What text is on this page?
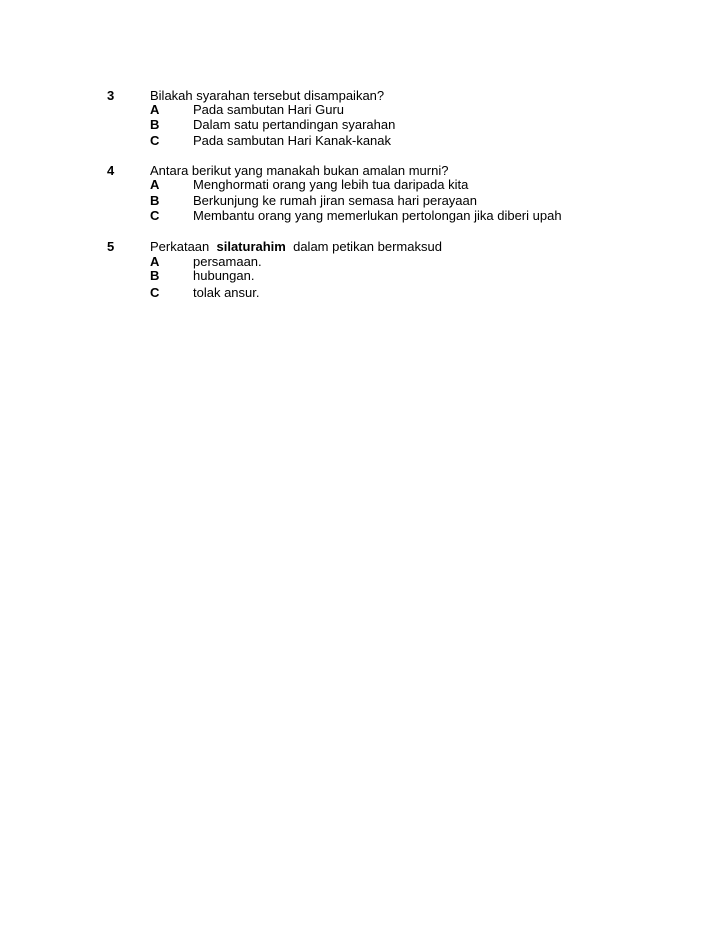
3	Bilakah syarahan tersebut disampaikan?
A	Pada sambutan Hari Guru
B	Dalam satu pertandingan syarahan
C	Pada sambutan Hari Kanak-kanak
4	Antara berikut yang manakah bukan amalan murni?
A	Menghormati orang yang lebih tua daripada kita
B	Berkunjung ke rumah jiran semasa hari perayaan
C	Membantu orang yang memerlukan pertolongan jika diberi upah
5	Perkataan silaturahim dalam petikan bermaksud
A	persamaan.
B	hubungan.
C	tolak ansur.
